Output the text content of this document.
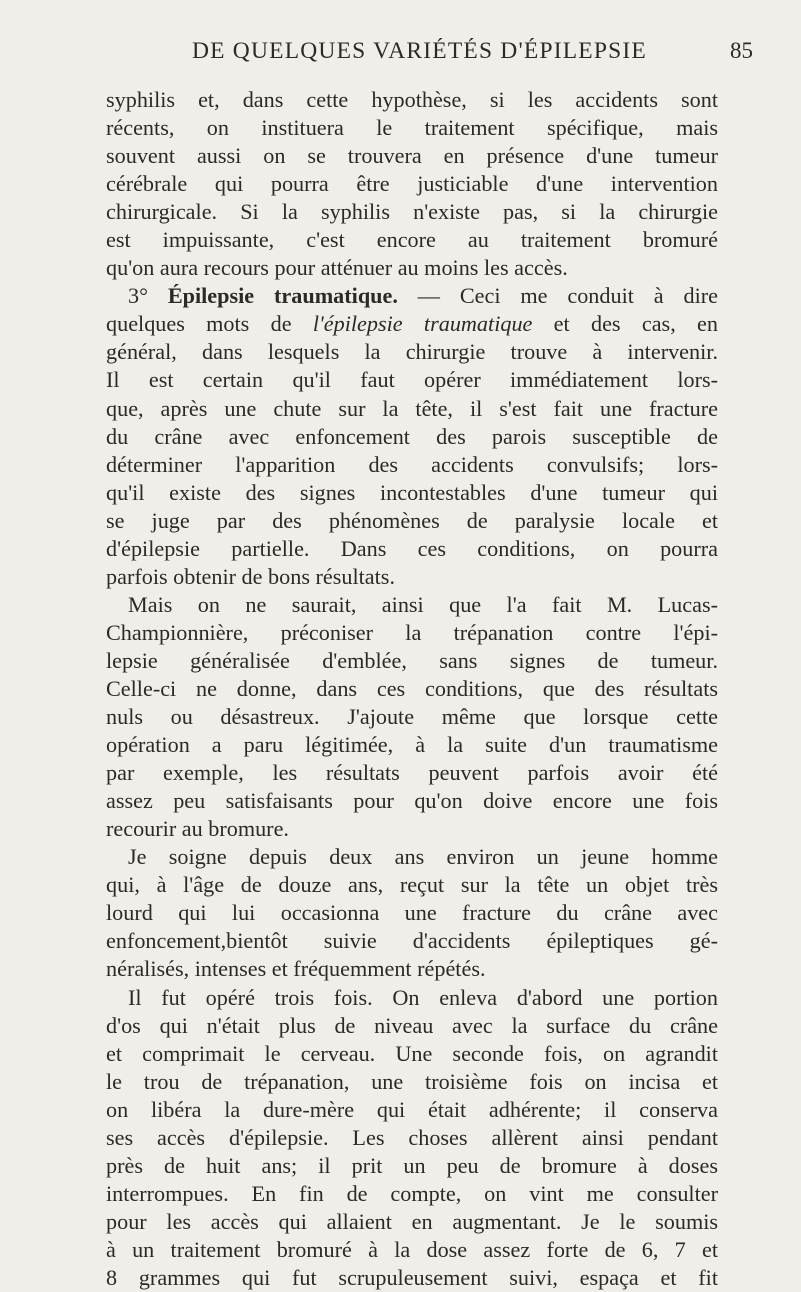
DE QUELQUES VARIÉTÉS D'ÉPILEPSIE	85
syphilis et, dans cette hypothèse, si les accidents sont
récents, on instituera le traitement spécifique, mais
souvent aussi on se trouvera en présence d'une tumeur
cérébrale qui pourra être justiciable d'une intervention
chirurgicale. Si la syphilis n'existe pas, si la chirurgie
est impuissante, c'est encore au traitement bromuré
qu'on aura recours pour atténuer au moins les accès.
3° Épilepsie traumatique. — Ceci me conduit à dire
quelques mots de l'épilepsie traumatique et des cas, en
général, dans lesquels la chirurgie trouve à intervenir.
Il est certain qu'il faut opérer immédiatement lors-
que, après une chute sur la tête, il s'est fait une fracture
du crâne avec enfoncement des parois susceptible de
déterminer l'apparition des accidents convulsifs; lors-
qu'il existe des signes incontestables d'une tumeur qui
se juge par des phénomènes de paralysie locale et
d'épilepsie partielle. Dans ces conditions, on pourra
parfois obtenir de bons résultats.
Mais on ne saurait, ainsi que l'a fait M. Lucas-
Championnière, préconiser la trépanation contre l'épi-
lepsie généralisée d'emblée, sans signes de tumeur.
Celle-ci ne donne, dans ces conditions, que des résultats
nuls ou désastreux. J'ajoute même que lorsque cette
opération a paru légitimée, à la suite d'un traumatisme
par exemple, les résultats peuvent parfois avoir été
assez peu satisfaisants pour qu'on doive encore une fois
recourir au bromure.
Je soigne depuis deux ans environ un jeune homme
qui, à l'âge de douze ans, reçut sur la tête un objet très
lourd qui lui occasionna une fracture du crâne avec
enfoncement,bientôt suivie d'accidents épileptiques gé-
néralisés, intenses et fréquemment répétés.
Il fut opéré trois fois. On enleva d'abord une portion
d'os qui n'était plus de niveau avec la surface du crâne
et comprimait le cerveau. Une seconde fois, on agrandit
le trou de trépanation, une troisième fois on incisa et
on libéra la dure-mère qui était adhérente; il conserva
ses accès d'épilepsie. Les choses allèrent ainsi pendant
près de huit ans; il prit un peu de bromure à doses
interrompues. En fin de compte, on vint me consulter
pour les accès qui allaient en augmentant. Je le soumis
à un traitement bromuré à la dose assez forte de 6, 7 et
8 grammes qui fut scrupuleusement suivi, espaça et fit
